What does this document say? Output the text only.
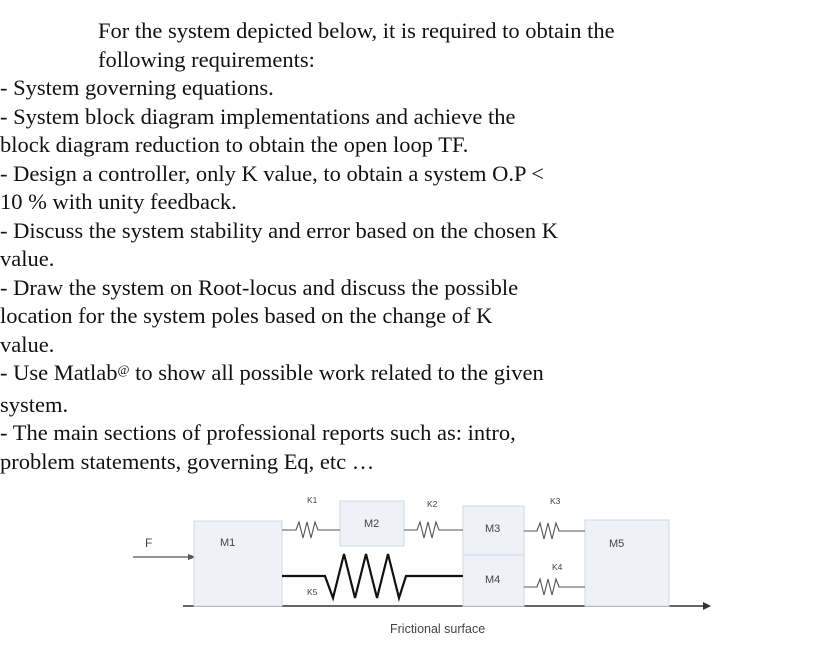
For the system depicted below, it is required to obtain the
following requirements:
- System governing equations.
- System block diagram implementations and achieve the
block diagram reduction to obtain the open loop TF.
- Design a controller, only K value, to obtain a system O.P <
10 % with unity feedback.
- Discuss the system stability and error based on the chosen K
value.
- Draw the system on Root-locus and discuss the possible
location for the system poles based on the change of K
value.
- Use Matlab@ to show all possible work related to the given
system.
- The main sections of professional reports such as: intro,
problem statements, governing Eq, etc …
F	M1
M2	M3
M4
M5
K1	K2	K3
K4
K5
Frictional surface
